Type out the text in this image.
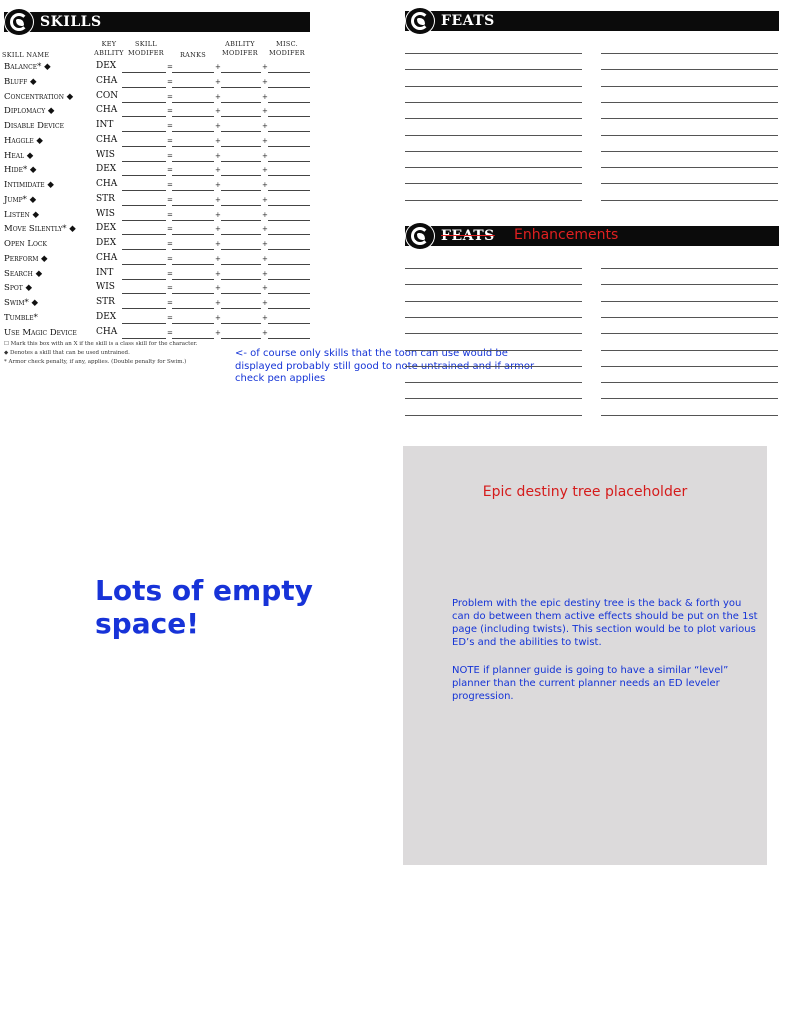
SKILLS
SKILL NAME
KEY
ABILITY
SKILL
MODIFER	RANKS
ABILITY
MODIFER
MISC.
MODIFER
Balance* ◆	DEX	=	+	+
Bluff ◆	CHA	=	+	+
Concentration ◆	CON	=	+	+
Diplomacy ◆	CHA	=	+	+
Disable Device	INT	=	+	+
Haggle ◆	CHA	=	+	+
Heal ◆	WIS	=	+	+
Hide* ◆	DEX	=	+	+
Intimidate ◆	CHA	=	+	+
Jump* ◆	STR	=	+	+
Listen ◆	WIS	=	+	+
Move Silently* ◆ DEX	=	+	+
Open Lock	DEX	=	+	+
Perform ◆	CHA	=	+	+
Search ◆	INT	=	+	+
Spot ◆	WIS	=	+	+
Swim* ◆	STR	=	+	+
Tumble*	DEX	=	+	+
Use Magic Device CHA	=	+	+
☐ Mark this box with an X if the skill is a class skill for the character.
◆ Denotes a skill that can be used untrained.
* Armor check penalty, if any, applies. (Double penalty for Swim.)
<- of course only skills that the toon can use would be displayed probably still good to note untrained and if armor check pen applies
FEATS
FEATS Enhancements
Lots of empty space!
Epic destiny tree placeholder
Problem with the epic destiny tree is the back & forth you can do between them active effects should be put on the 1st page (including twists). This section would be to plot various ED’s and the abilities to twist.
NOTE if planner guide is going to have a similar “level” planner than the current planner needs an ED leveler progression.
